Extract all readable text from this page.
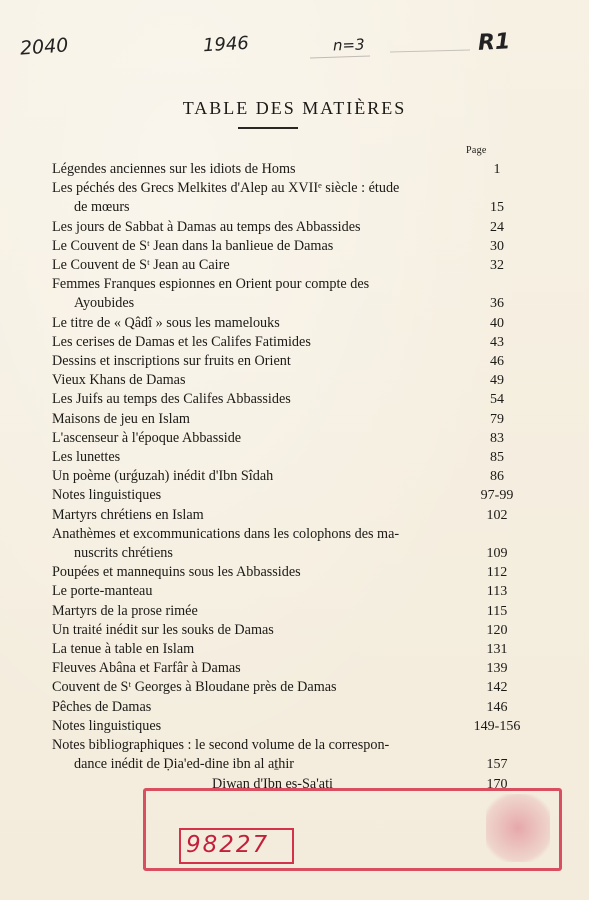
2040	1946	n=3	R1
TABLE DES MATIÈRES
Page
Légendes anciennes sur les idiots de Homs	1
Les péchés des Grecs Melkites d'Alep au XVIIᵉ siècle : étude
de mœurs	15
Les jours de Sabbat à Damas au temps des Abbassides	24
Le Couvent de Sᵗ Jean dans la banlieue de Damas	30
Le Couvent de Sᵗ Jean au Caire	32
Femmes Franques espionnes en Orient pour compte des
Ayoubides	36
Le titre de « Qâdî » sous les mamelouks	40
Les cerises de Damas et les Califes Fatimides	43
Dessins et inscriptions sur fruits en Orient	46
Vieux Khans de Damas	49
Les Juifs au temps des Califes Abbassides	54
Maisons de jeu en Islam	79
L'ascenseur à l'époque Abbasside	83
Les lunettes	85
Un poème (urǵuzah) inédit d'Ibn Sîdah	86
Notes linguistiques	97-99
Martyrs chrétiens en Islam	102
Anathèmes et excommunications dans les colophons des ma-
nuscrits chrétiens	109
Poupées et mannequins sous les Abbassides	112
Le porte-manteau	113
Martyrs de la prose rimée	115
Un traité inédit sur les souks de Damas	120
La tenue à table en Islam	131
Fleuves Abâna et Farfâr à Damas	139
Couvent de Sᵗ Georges à Bloudane près de Damas	142
Pêches de Damas	146
Notes linguistiques	149-156
Notes bibliographiques : le second volume de la correspon-
dance inédit de Ḍia'ed-dine ibn al aṯhir	157
Diwan d'Ibn es-Sa'ati	170
98227
